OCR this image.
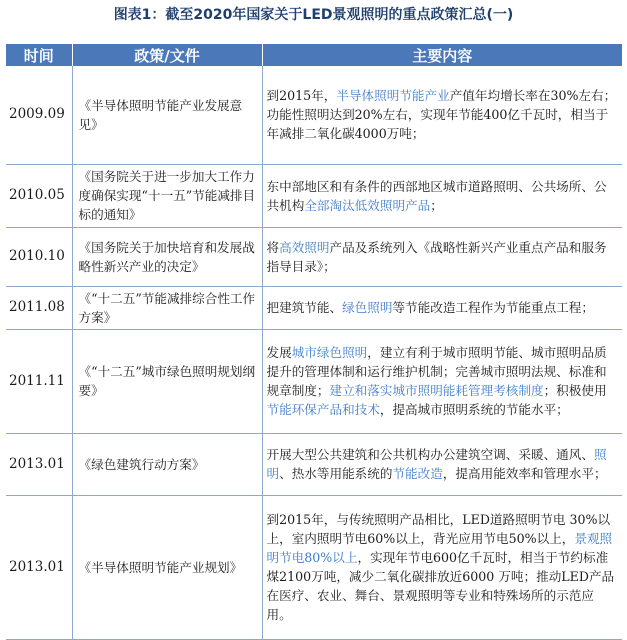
图表1：截至2020年国家关于LED景观照明的重点政策汇总(一)
时间	政策/文件	主要内容
2009.09	《半导体照明节能产业发展意见》	到2015年，半导体照明节能产业产值年均增长率在30%左右；功能性照明达到20%左右，实现年节能400亿千瓦时，相当于年减排二氧化碳4000万吨；
2010.05	《国务院关于进一步加大工作力度确保实现“十一五”节能减排目标的通知》	东中部地区和有条件的西部地区城市道路照明、公共场所、公共机构全部淘汰低效照明产品；
2010.10	《国务院关于加快培育和发展战略性新兴产业的决定》	将高效照明产品及系统列入《战略性新兴产业重点产品和服务指导目录》；
2011.08	《“十二五”节能减排综合性工作方案》	把建筑节能、绿色照明等节能改造工程作为节能重点工程；
2011.11	《“十二五”城市绿色照明规划纲要》	发展城市绿色照明，建立有利于城市照明节能、城市照明品质提升的管理体制和运行维护机制；完善城市照明法规、标准和规章制度；建立和落实城市照明能耗管理考核制度；积极使用节能环保产品和技术，提高城市照明系统的节能水平；
2013.01	《绿色建筑行动方案》	开展大型公共建筑和公共机构办公建筑空调、采暖、通风、照明、热水等用能系统的节能改造，提高用能效率和管理水平；
2013.01	《半导体照明节能产业规划》	到2015年，与传统照明产品相比，LED道路照明节电 30%以上，室内照明节电60%以上，背光应用节电50%以上，景观照明节电80%以上，实现年节电600亿千瓦时，相当于节约标准煤2100万吨，减少二氧化碳排放近6000 万吨；推动LED产品在医疗、农业、舞台、景观照明等专业和特殊场所的示范应用。
